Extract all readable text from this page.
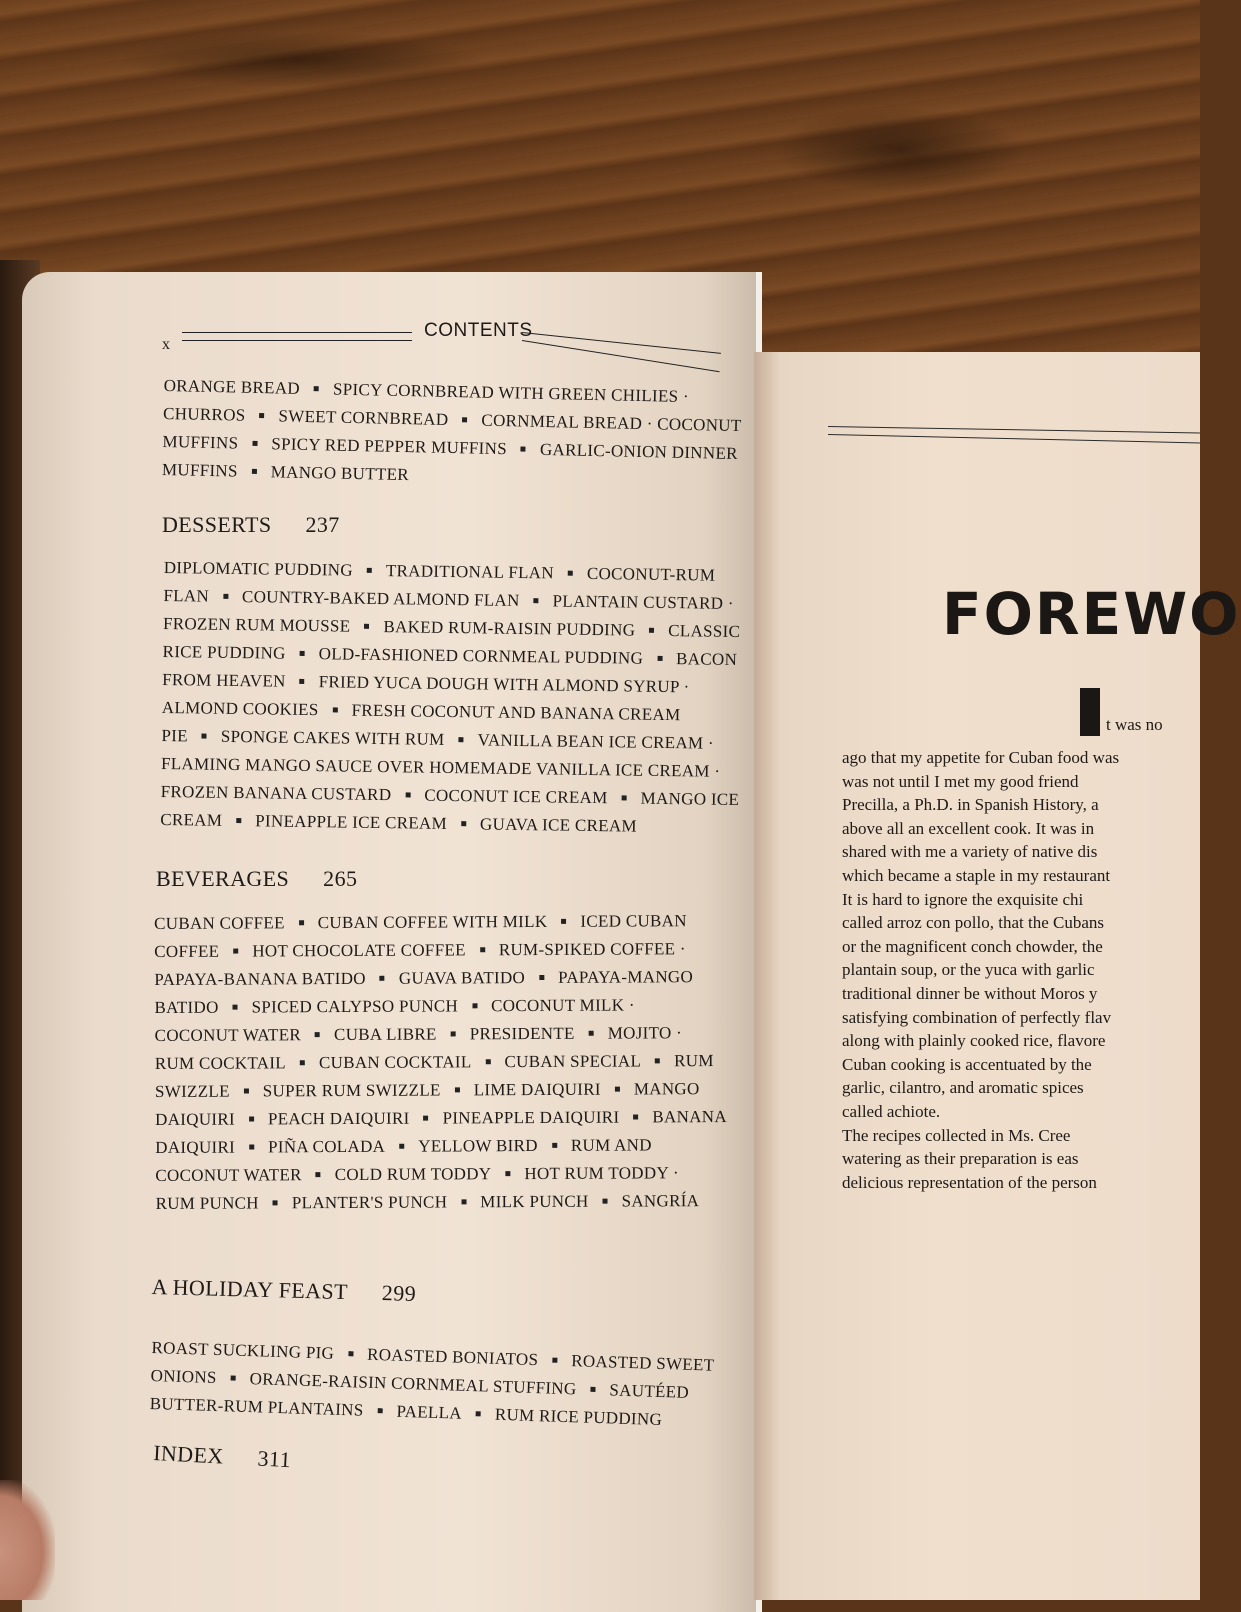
x
CONTENTS
ORANGE BREAD SPICY CORNBREAD WITH GREEN CHILIES ·
CHURROS SWEET CORNBREAD CORNMEAL BREAD · COCONUT
MUFFINS SPICY RED PEPPER MUFFINS GARLIC-ONION DINNER
MUFFINS MANGO BUTTER
DESSERTS 237
DIPLOMATIC PUDDING TRADITIONAL FLAN COCONUT-RUM
FLAN COUNTRY-BAKED ALMOND FLAN PLANTAIN CUSTARD ·
FROZEN RUM MOUSSE BAKED RUM-RAISIN PUDDING CLASSIC
RICE PUDDING OLD-FASHIONED CORNMEAL PUDDING BACON
FROM HEAVEN FRIED YUCA DOUGH WITH ALMOND SYRUP ·
ALMOND COOKIES FRESH COCONUT AND BANANA CREAM
PIE SPONGE CAKES WITH RUM VANILLA BEAN ICE CREAM ·
FLAMING MANGO SAUCE OVER HOMEMADE VANILLA ICE CREAM ·
FROZEN BANANA CUSTARD COCONUT ICE CREAM MANGO ICE
CREAM PINEAPPLE ICE CREAM GUAVA ICE CREAM
BEVERAGES 265
CUBAN COFFEE CUBAN COFFEE WITH MILK ICED CUBAN
COFFEE HOT CHOCOLATE COFFEE RUM-SPIKED COFFEE ·
PAPAYA-BANANA BATIDO GUAVA BATIDO PAPAYA-MANGO
BATIDO SPICED CALYPSO PUNCH COCONUT MILK ·
COCONUT WATER CUBA LIBRE PRESIDENTE MOJITO ·
RUM COCKTAIL CUBAN COCKTAIL CUBAN SPECIAL RUM
SWIZZLE SUPER RUM SWIZZLE LIME DAIQUIRI MANGO
DAIQUIRI PEACH DAIQUIRI PINEAPPLE DAIQUIRI BANANA
DAIQUIRI PIÑA COLADA YELLOW BIRD RUM AND
COCONUT WATER COLD RUM TODDY HOT RUM TODDY ·
RUM PUNCH PLANTER'S PUNCH MILK PUNCH SANGRÍA
A HOLIDAY FEAST 299
ROAST SUCKLING PIG ROASTED BONIATOS ROASTED SWEET
ONIONS ORANGE-RAISIN CORNMEAL STUFFING SAUTÉED
BUTTER-RUM PLANTAINS PAELLA RUM RICE PUDDING
INDEX 311
FOREWO
t was no
ago that my appetite for Cuban food was
was not until I met my good friend
Precilla, a Ph.D. in Spanish History, a
above all an excellent cook. It was in
shared with me a variety of native dis
which became a staple in my restaurant
It is hard to ignore the exquisite chi
called arroz con pollo, that the Cubans
or the magnificent conch chowder, the
plantain soup, or the yuca with garlic
traditional dinner be without Moros y
satisfying combination of perfectly flav
along with plainly cooked rice, flavore
Cuban cooking is accentuated by the
garlic, cilantro, and aromatic spices
called achiote.
The recipes collected in Ms. Cree
watering as their preparation is eas
delicious representation of the person
